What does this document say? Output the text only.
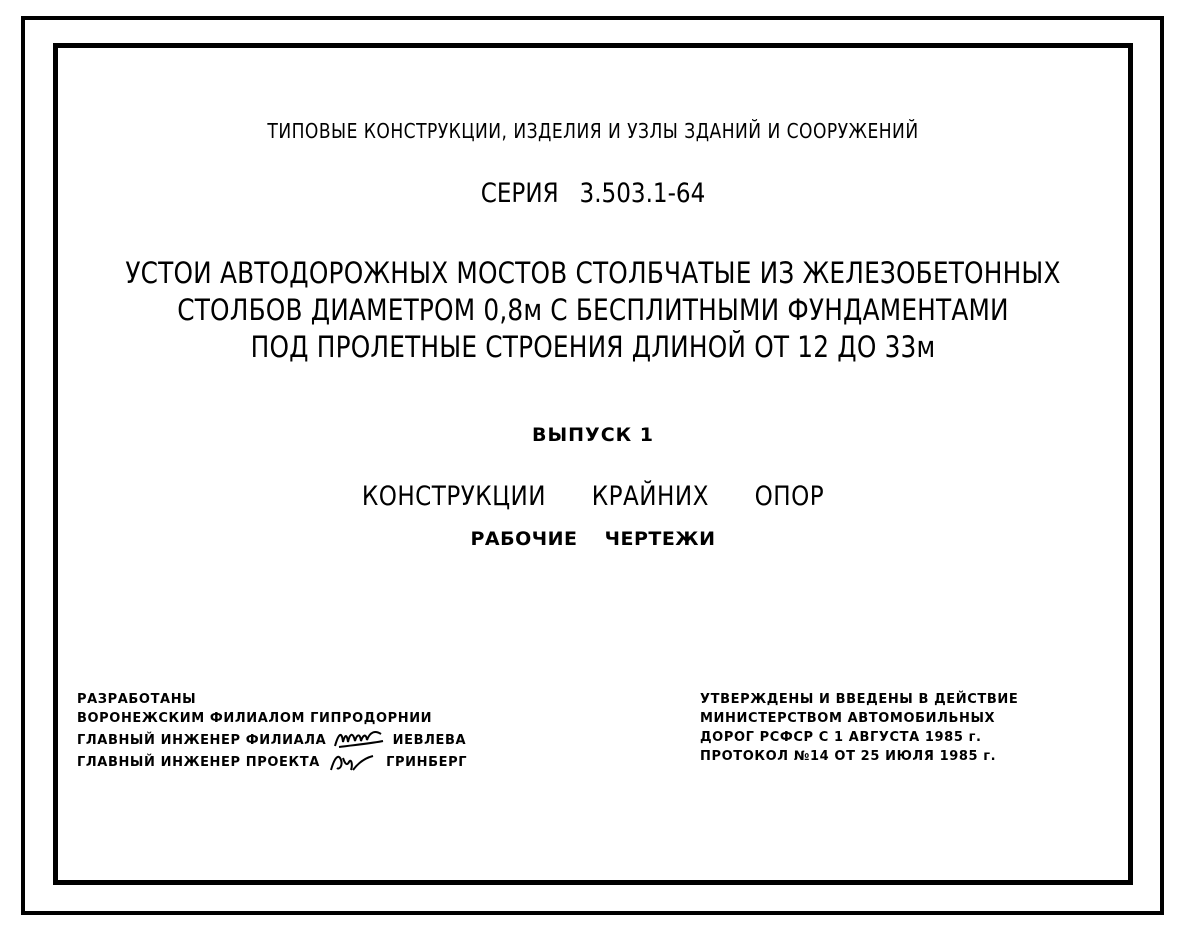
ТИПОВЫЕ КОНСТРУКЦИИ, ИЗДЕЛИЯ И УЗЛЫ ЗДАНИЙ И СООРУЖЕНИЙ
СЕРИЯ 3.503.1-64
УСТОИ АВТОДОРОЖНЫХ МОСТОВ СТОЛБЧАТЫЕ ИЗ ЖЕЛЕЗОБЕТОННЫХ
СТОЛБОВ ДИАМЕТРОМ 0,8м С БЕСПЛИТНЫМИ ФУНДАМЕНТАМИ
ПОД ПРОЛЕТНЫЕ СТРОЕНИЯ ДЛИНОЙ ОТ 12 ДО 33м
ВЫПУСК 1
КОНСТРУКЦИИ КРАЙНИХ ОПОР
РАБОЧИЕ ЧЕРТЕЖИ
РАЗРАБОТАНЫ
ВОРОНЕЖСКИМ ФИЛИАЛОМ ГИПРОДОРНИИ
ГЛАВНЫЙ ИНЖЕНЕР ФИЛИАЛА	ИЕВЛЕВА
ГЛАВНЫЙ ИНЖЕНЕР ПРОЕКТА	ГРИНБЕРГ
УТВЕРЖДЕНЫ И ВВЕДЕНЫ В ДЕЙСТВИЕ
МИНИСТЕРСТВОМ АВТОМОБИЛЬНЫХ
ДОРОГ РСФСР С 1 АВГУСТА 1985 г.
ПРОТОКОЛ №14 ОТ 25 ИЮЛЯ 1985 г.
